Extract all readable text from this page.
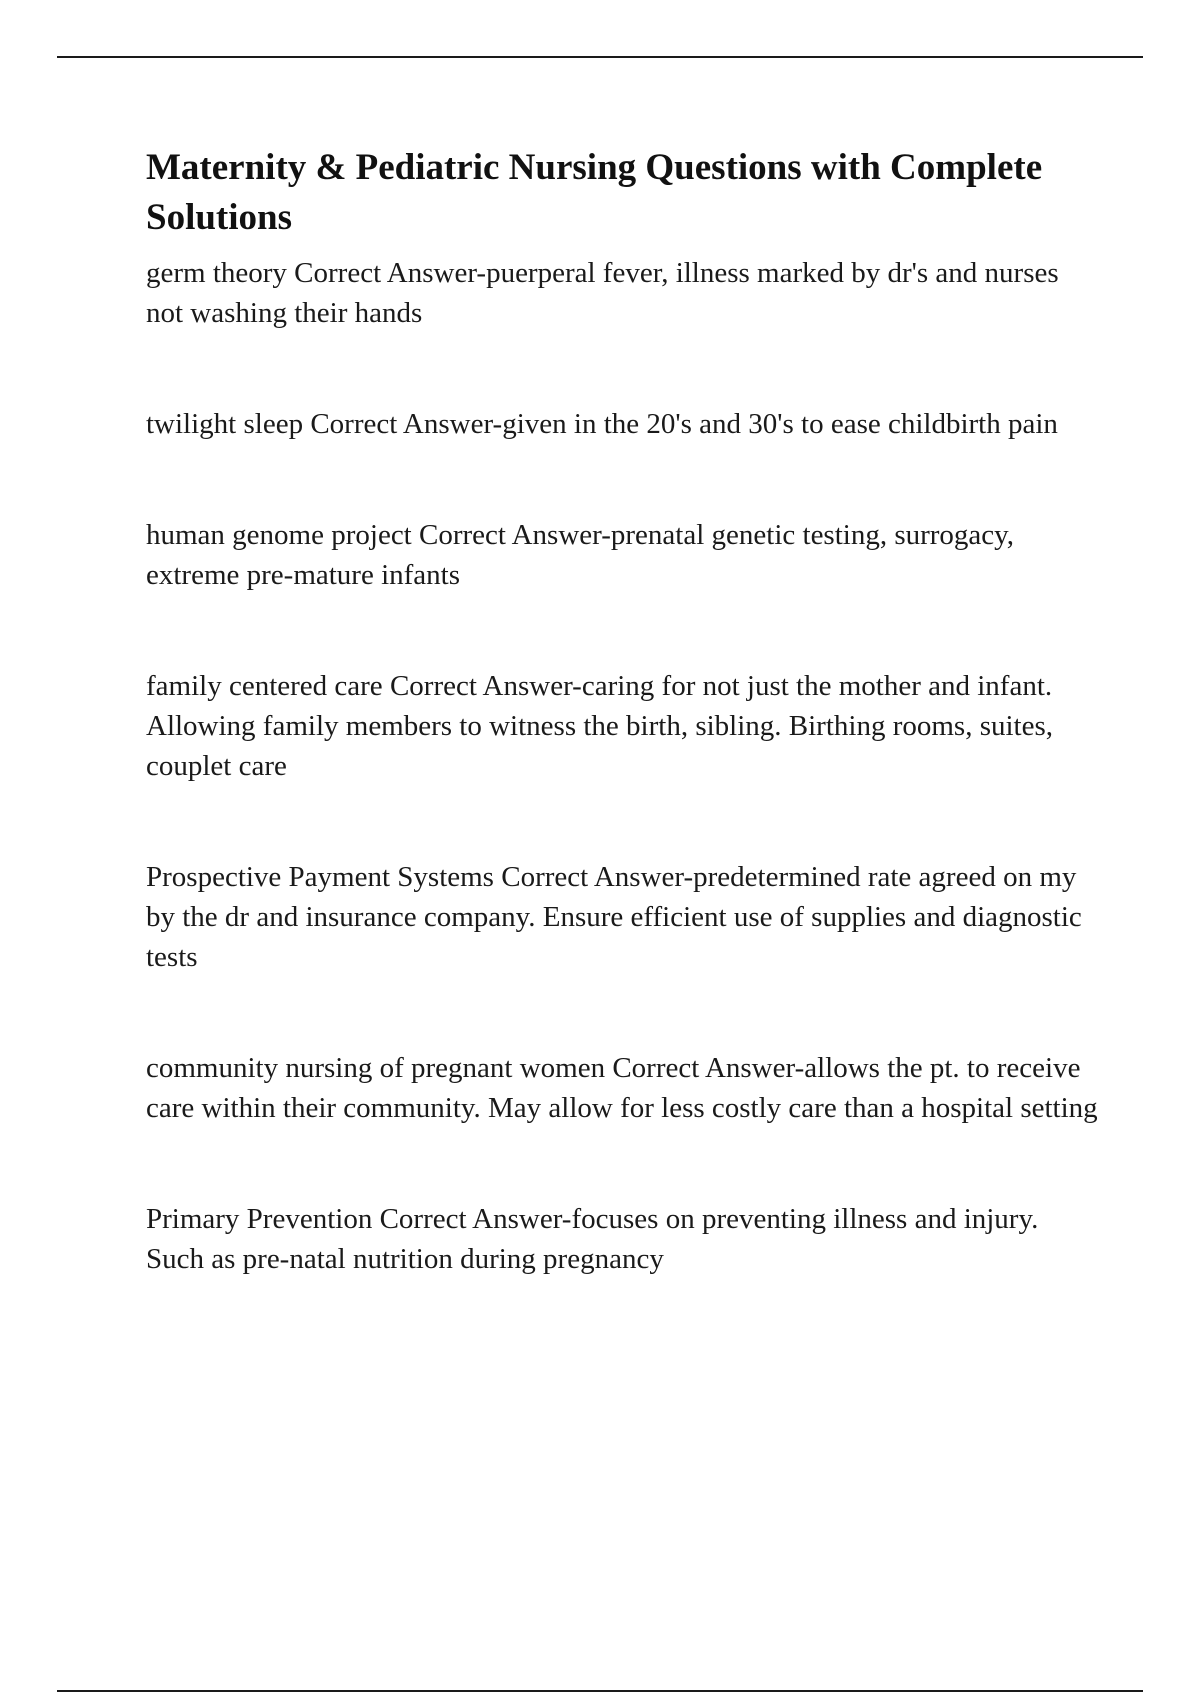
Maternity & Pediatric Nursing Questions with Complete Solutions
germ theory Correct Answer-puerperal fever, illness marked by dr's and nurses not washing their hands
twilight sleep Correct Answer-given in the 20's and 30's to ease childbirth pain
human genome project Correct Answer-prenatal genetic testing, surrogacy, extreme pre-mature infants
family centered care Correct Answer-caring for not just the mother and infant. Allowing family members to witness the birth, sibling. Birthing rooms, suites, couplet care
Prospective Payment Systems Correct Answer-predetermined rate agreed on my by the dr and insurance company. Ensure efficient use of supplies and diagnostic tests
community nursing of pregnant women Correct Answer-allows the pt. to receive care within their community. May allow for less costly care than a hospital setting
Primary Prevention Correct Answer-focuses on preventing illness and injury. Such as pre-natal nutrition during pregnancy
